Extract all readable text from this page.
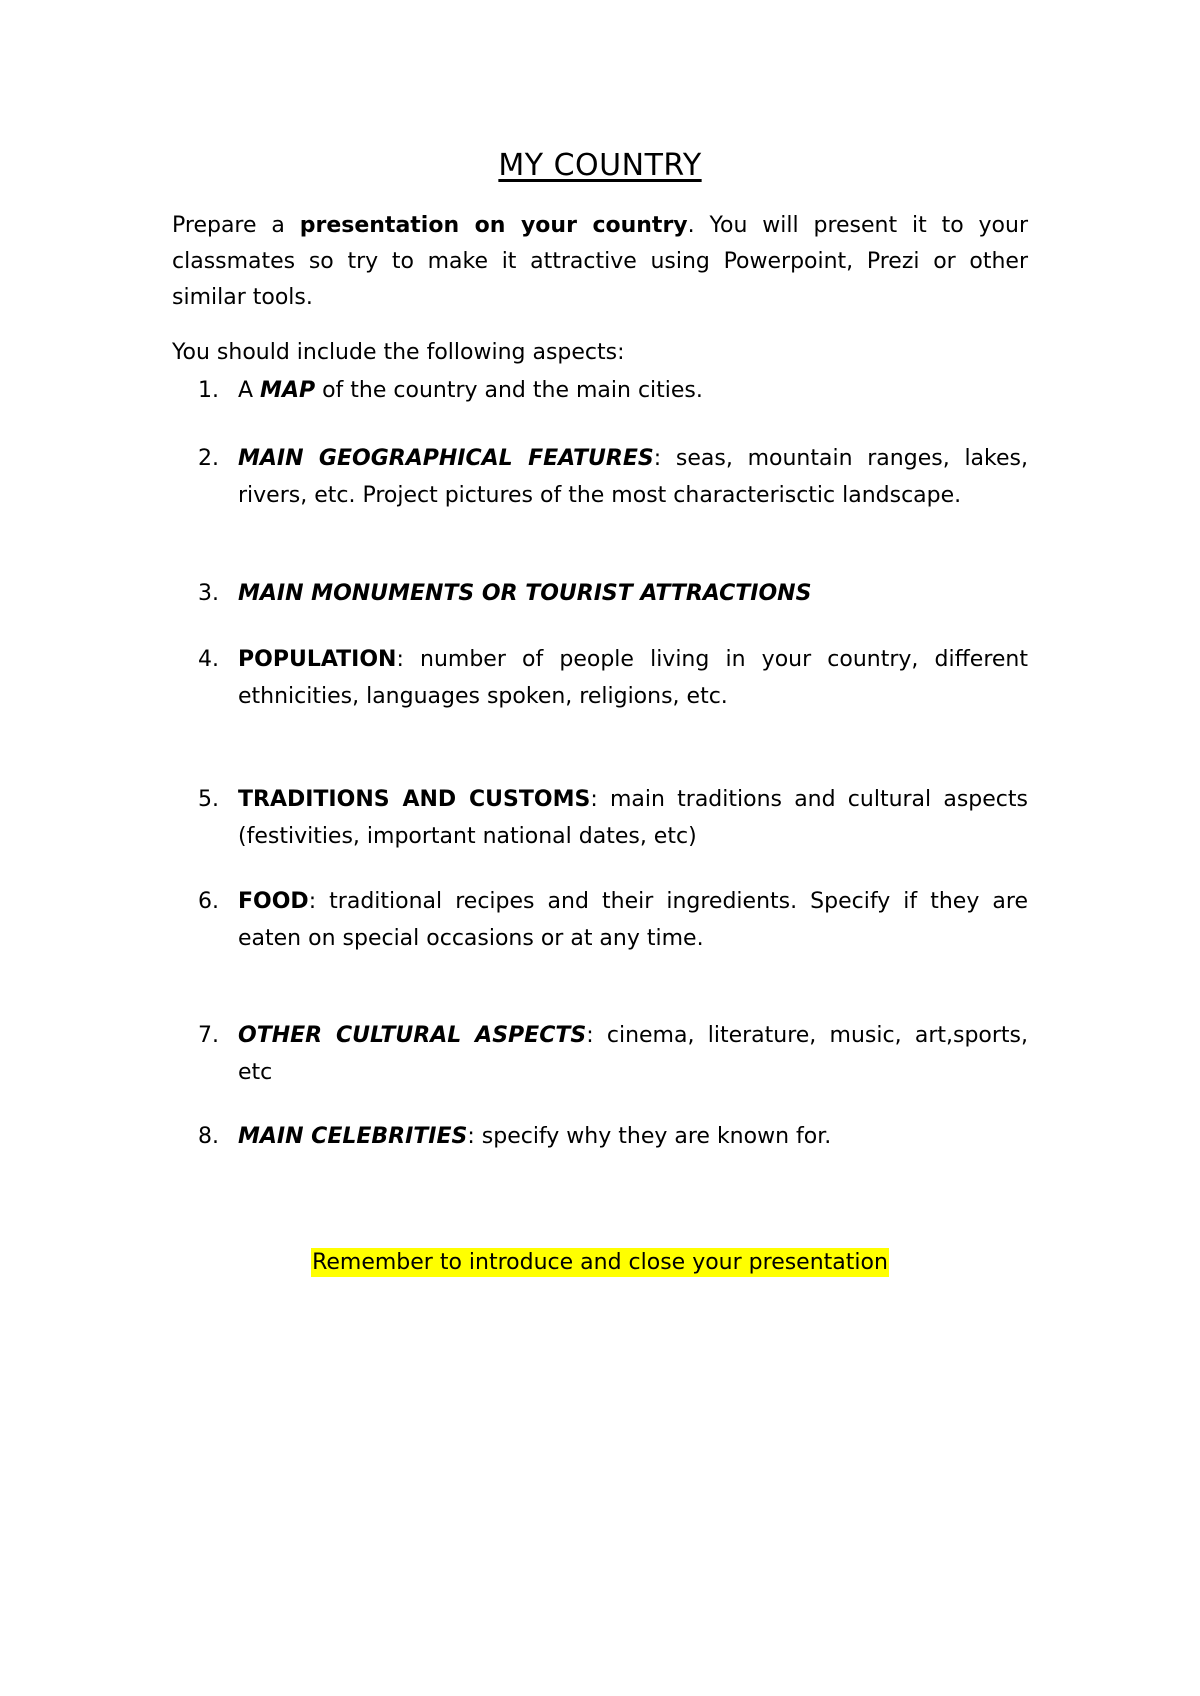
MY COUNTRY
Prepare a presentation on your country. You will present it to your classmates so try to make it attractive using Powerpoint, Prezi or other similar tools.
You should include the following aspects:
1. A MAP of the country and the main cities.
2. MAIN GEOGRAPHICAL FEATURES: seas, mountain ranges, lakes, rivers, etc. Project pictures of the most characterisctic landscape.
3. MAIN MONUMENTS OR TOURIST ATTRACTIONS
4. POPULATION: number of people living in your country, different ethnicities, languages spoken, religions, etc.
5. TRADITIONS AND CUSTOMS: main traditions and cultural aspects (festivities, important national dates, etc)
6. FOOD: traditional recipes and their ingredients. Specify if they are eaten on special occasions or at any time.
7. OTHER CULTURAL ASPECTS: cinema, literature, music, art,sports, etc
8. MAIN CELEBRITIES: specify why they are known for.
Remember to introduce and close your presentation
